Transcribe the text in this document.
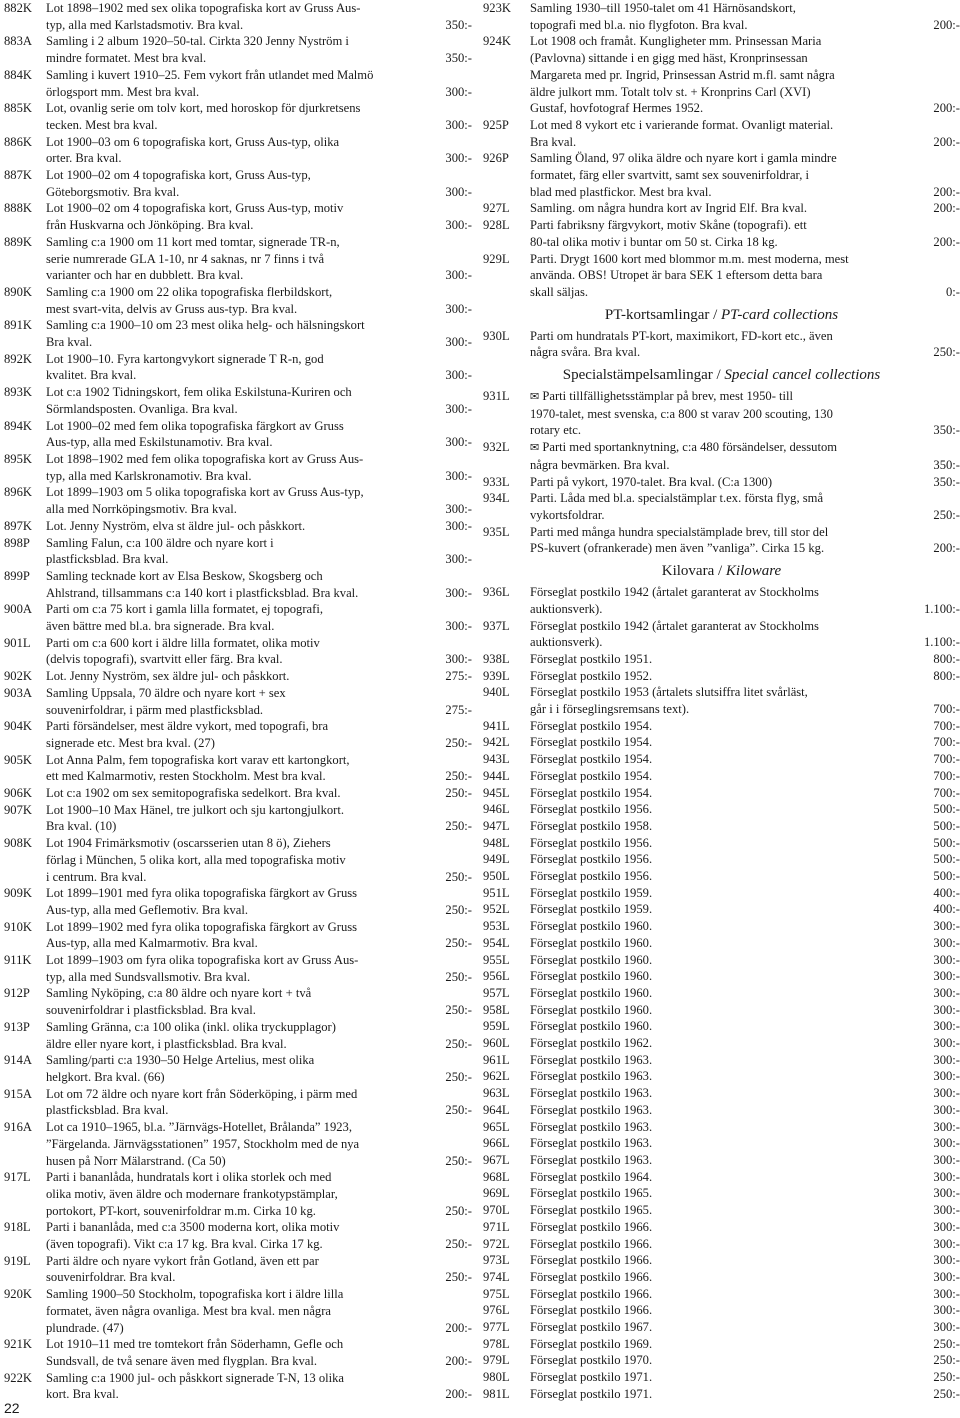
882K Lot 1898–1902 med sex olika topografiska kort av Gruss Aus-
typ, alla med Karlstadsmotiv. Bra kval.	350:-
883A Samling i 2 album 1920–50-tal. Cirkta 320 Jenny Nyström i
mindre formatet. Mest bra kval.	350:-
884K Samling i kuvert 1910–25. Fem vykort från utlandet med Malmö
örlogsport mm. Mest bra kval.	300:-
885K Lot, ovanlig serie om tolv kort, med horoskop för djurkretsens
tecken. Mest bra kval.	300:-
886K Lot 1900–03 om 6 topografiska kort, Gruss Aus-typ, olika
orter. Bra kval.	300:-
887K Lot 1900–02 om 4 topografiska kort, Gruss Aus-typ,
Göteborgsmotiv. Bra kval.	300:-
888K Lot 1900–02 om 4 topografiska kort, Gruss Aus-typ, motiv
från Huskvarna och Jönköping. Bra kval.	300:-
889K Samling c:a 1900 om 11 kort med tomtar, signerade TR-n,
serie numrerade GLA 1-10, nr 4 saknas, nr 7 finns i två
varianter och har en dubblett. Bra kval.	300:-
890K Samling c:a 1900 om 22 olika topografiska flerbildskort,
mest svart-vita, delvis av Gruss aus-typ. Bra kval.	300:-
891K Samling c:a 1900–10 om 23 mest olika helg- och hälsningskort
Bra kval.	300:-
892K Lot 1900–10. Fyra kartongvykort signerade T R-n, god
kvalitet. Bra kval.	300:-
893K Lot c:a 1902 Tidningskort, fem olika Eskilstuna-Kuriren och
Sörmlandsposten. Ovanliga. Bra kval.	300:-
894K Lot 1900–02 med fem olika topografiska färgkort av Gruss
Aus-typ, alla med Eskilstunamotiv. Bra kval.	300:-
895K Lot 1898–1902 med fem olika topografiska kort av Gruss Aus-
typ, alla med Karlskronamotiv. Bra kval.	300:-
896K Lot 1899–1903 om 5 olika topografiska kort av Gruss Aus-typ,
alla med Norrköpingsmotiv. Bra kval.	300:-
897K Lot. Jenny Nyström, elva st äldre jul- och påskkort.	300:-
898P Samling Falun, c:a 100 äldre och nyare kort i
plastficksblad. Bra kval.	300:-
899P Samling tecknade kort av Elsa Beskow, Skogsberg och
Ahlstrand, tillsammans c:a 140 kort i plastficksblad. Bra kval.	300:-
900A Parti om c:a 75 kort i gamla lilla formatet, ej topografi,
även bättre med bl.a. bra signerade. Bra kval.	300:-
901L Parti om c:a 600 kort i äldre lilla formatet, olika motiv
(delvis topografi), svartvitt eller färg. Bra kval.	300:-
902K Lot. Jenny Nyström, sex äldre jul- och påskkort.	275:-
903A Samling Uppsala, 70 äldre och nyare kort + sex
souvenirfoldrar, i pärm med plastficksblad.	275:-
904K Parti försändelser, mest äldre vykort, med topografi, bra
signerade etc. Mest bra kval. (27)	250:-
905K Lot Anna Palm, fem topografiska kort varav ett kartongkort,
ett med Kalmarmotiv, resten Stockholm. Mest bra kval.	250:-
906K Lot c:a 1902 om sex semitopografiska sedelkort. Bra kval.	250:-
907K Lot 1900–10 Max Hänel, tre julkort och sju kartongjulkort.
Bra kval. (10)	250:-
908K Lot 1904 Frimärksmotiv (oscarsserien utan 8 ö), Ziehers
förlag i München, 5 olika kort, alla med topografiska motiv
i centrum. Bra kval.	250:-
909K Lot 1899–1901 med fyra olika topografiska färgkort av Gruss
Aus-typ, alla med Geflemotiv. Bra kval.	250:-
910K Lot 1899–1902 med fyra olika topografiska färgkort av Gruss
Aus-typ, alla med Kalmarmotiv. Bra kval.	250:-
911K Lot 1899–1903 om fyra olika topografiska kort av Gruss Aus-
typ, alla med Sundsvallsmotiv. Bra kval.	250:-
912P Samling Nyköping, c:a 80 äldre och nyare kort + två
souvenirfoldrar i plastficksblad. Bra kval.	250:-
913P Samling Gränna, c:a 100 olika (inkl. olika tryckupplagor)
äldre eller nyare kort, i plastficksblad. Bra kval.	250:-
914A Samling/parti c:a 1930–50 Helge Artelius, mest olika
helgkort. Bra kval. (66)	250:-
915A Lot om 72 äldre och nyare kort från Söderköping, i pärm med
plastficksblad. Bra kval.	250:-
916A Lot ca 1910–1965, bl.a. ”Järnvägs-Hotellet, Brålanda” 1923,
”Färgelanda. Järnvägsstationen” 1957, Stockholm med de nya
husen på Norr Mälarstrand. (Ca 50)	250:-
917L Parti i bananlåda, hundratals kort i olika storlek och med
olika motiv, även äldre och modernare frankotypstämplar,
portokort, PT-kort, souvenirfoldrar m.m. Cirka 10 kg.	250:-
918L Parti i bananlåda, med c:a 3500 moderna kort, olika motiv
(även topografi). Vikt c:a 17 kg. Bra kval. Cirka 17 kg.	250:-
919L Parti äldre och nyare vykort från Gotland, även ett par
souvenirfoldrar. Bra kval.	250:-
920K Samling 1900–50 Stockholm, topografiska kort i äldre lilla
formatet, även några ovanliga. Mest bra kval. men några
plundrade. (47)	200:-
921K Lot 1910–11 med tre tomtekort från Söderhamn, Gefle och
Sundsvall, de två senare även med flygplan. Bra kval.	200:-
922K Samling c:a 1900 jul- och påskkort signerade T-N, 13 olika
kort. Bra kval.	200:-
923K Samling 1930–till 1950-talet om 41 Härnösandskort,
topografi med bl.a. nio flygfoton. Bra kval.	200:-
924K Lot 1908 och framåt. Kungligheter mm. Prinsessan Maria
(Pavlovna) sittande i en gigg med häst, Kronprinsessan
Margareta med pr. Ingrid, Prinsessan Astrid m.fl. samt några
äldre julkort mm. Totalt tolv st. + Kronprins Carl (XVI)
Gustaf, hovfotograf Hermes 1952.	200:-
925P Lot med 8 vykort etc i varierande format. Ovanligt material.
Bra kval.	200:-
926P Samling Öland, 97 olika äldre och nyare kort i gamla mindre
formatet, färg eller svartvitt, samt sex souvenirfoldrar, i
blad med plastfickor. Mest bra kval.	200:-
927L Samling. om några hundra kort av Ingrid Elf. Bra kval.	200:-
928L Parti fabriksny färgvykort, motiv Skåne (topografi). ett
80-tal olika motiv i buntar om 50 st. Cirka 18 kg.	200:-
929L Parti. Drygt 1600 kort med blommor m.m. mest moderna, mest
använda. OBS! Utropet är bara SEK 1 eftersom detta bara
skall säljas.	0:-
PT-kortsamlingar / PT-card collections
930L Parti om hundratals PT-kort, maximikort, FD-kort etc., även
några svåra. Bra kval.	250:-
Specialstämpelsamlingar / Special cancel collections
931L ✉ Parti tillfällighetsstämplar på brev, mest 1950- till
1970-talet, mest svenska, c:a 800 st varav 200 scouting, 130
rotary etc.	350:-
932L ✉ Parti med sportanknytning, c:a 480 försändelser, dessutom
några bevmärken. Bra kval.	350:-
933L Parti på vykort, 1970-talet. Bra kval. (C:a 1300)	350:-
934L Parti. Låda med bl.a. specialstämplar t.ex. första flyg, små
vykortsfoldrar.	250:-
935L Parti med många hundra specialstämplade brev, till stor del
PS-kuvert (ofrankerade) men även ”vanliga”. Cirka 15 kg.	200:-
Kilovara / Kiloware
936L Förseglat postkilo 1942 (årtalet garanterat av Stockholms
auktionsverk).	1.100:-
937L Förseglat postkilo 1942 (årtalet garanterat av Stockholms
auktionsverk).	1.100:-
938L Förseglat postkilo 1951.	800:-
939L Förseglat postkilo 1952.	800:-
940L Förseglat postkilo 1953 (årtalets slutsiffra litet svårläst,
går i i förseglingsremsans text).	700:-
941L Förseglat postkilo 1954.	700:-
942L Förseglat postkilo 1954.	700:-
943L Förseglat postkilo 1954.	700:-
944L Förseglat postkilo 1954.	700:-
945L Förseglat postkilo 1954.	700:-
946L Förseglat postkilo 1956.	500:-
947L Förseglat postkilo 1958.	500:-
948L Förseglat postkilo 1956.	500:-
949L Förseglat postkilo 1956.	500:-
950L Förseglat postkilo 1956.	500:-
951L Förseglat postkilo 1959.	400:-
952L Förseglat postkilo 1959.	400:-
953L Förseglat postkilo 1960.	300:-
954L Förseglat postkilo 1960.	300:-
955L Förseglat postkilo 1960.	300:-
956L Förseglat postkilo 1960.	300:-
957L Förseglat postkilo 1960.	300:-
958L Förseglat postkilo 1960.	300:-
959L Förseglat postkilo 1960.	300:-
960L Förseglat postkilo 1962.	300:-
961L Förseglat postkilo 1963.	300:-
962L Förseglat postkilo 1963.	300:-
963L Förseglat postkilo 1963.	300:-
964L Förseglat postkilo 1963.	300:-
965L Förseglat postkilo 1963.	300:-
966L Förseglat postkilo 1963.	300:-
967L Förseglat postkilo 1963.	300:-
968L Förseglat postkilo 1964.	300:-
969L Förseglat postkilo 1965.	300:-
970L Förseglat postkilo 1965.	300:-
971L Förseglat postkilo 1966.	300:-
972L Förseglat postkilo 1966.	300:-
973L Förseglat postkilo 1966.	300:-
974L Förseglat postkilo 1966.	300:-
975L Förseglat postkilo 1966.	300:-
976L Förseglat postkilo 1966.	300:-
977L Förseglat postkilo 1967.	300:-
978L Förseglat postkilo 1969.	250:-
979L Förseglat postkilo 1970.	250:-
980L Förseglat postkilo 1971.	250:-
981L Förseglat postkilo 1971.	250:-
22
